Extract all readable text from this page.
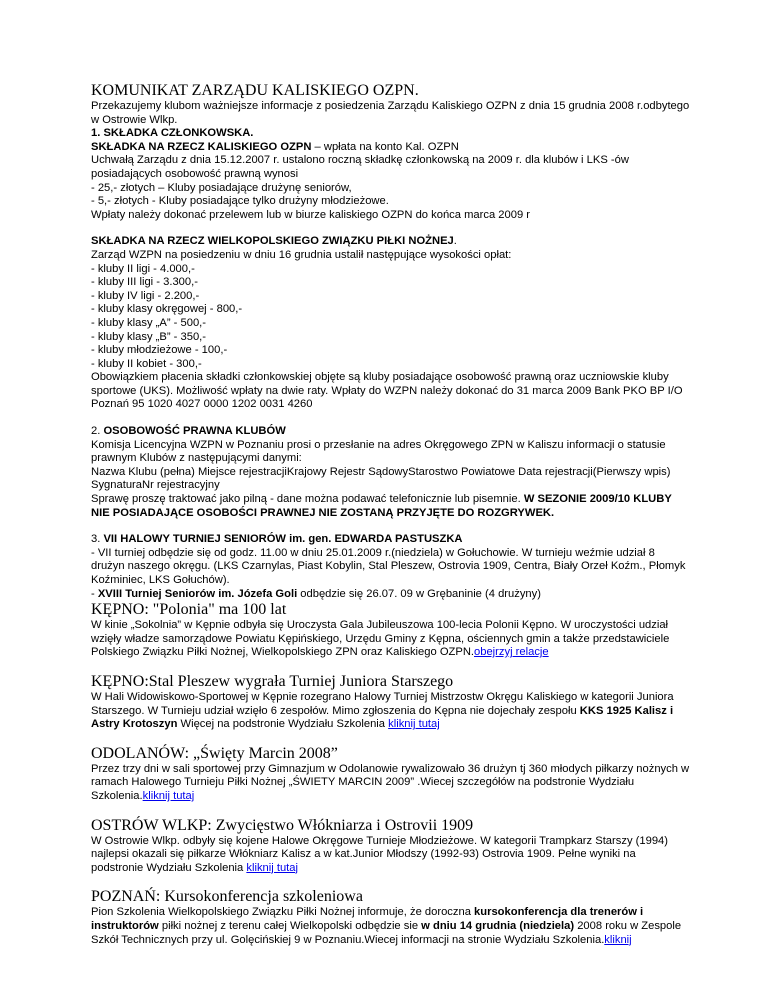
KOMUNIKAT ZARZĄDU KALISKIEGO OZPN.

Przekazujemy klubom ważniejsze informacje z posiedzenia Zarządu Kaliskiego OZPN z dnia 15 grudnia 2008 r.odbytego w Ostrowie Wlkp.

1. SKŁADKA CZŁONKOWSKA.

SKŁADKA NA RZECZ KALISKIEGO OZPN – wpłata na konto Kal. OZPN

Uchwałą Zarządu z dnia 15.12.2007 r. ustalono roczną składkę członkowską na 2009 r. dla klubów i LKS -ów posiadających osobowość prawną wynosi

- 25,- złotych – Kluby posiadające drużynę seniorów,

- 5,- złotych - Kluby posiadające tylko drużyny młodzieżowe.

Wpłaty należy dokonać przelewem lub w biurze kaliskiego OZPN do końca marca 2009 r

SKŁADKA NA RZECZ WIELKOPOLSKIEGO ZWIĄZKU PIŁKI NOŻNEJ.

Zarząd WZPN na posiedzeniu w dniu 16 grudnia ustalił następujące wysokości opłat:

- kluby II ligi - 4.000,-

- kluby III ligi - 3.300,-

- kluby IV ligi - 2.200,-

- kluby klasy okręgowej - 800,-

- kluby klasy „A” - 500,-

- kluby klasy „B” - 350,-

- kluby młodzieżowe - 100,-

- kluby II kobiet - 300,-

Obowiązkiem płacenia składki członkowskiej objęte są kluby posiadające osobowość prawną oraz uczniowskie kluby sportowe (UKS). Możliwość wpłaty na dwie raty. Wpłaty do WZPN należy dokonać do 31 marca 2009 Bank PKO BP I/O Poznań 95 1020 4027 0000 1202 0031 4260

2. OSOBOWOŚĆ PRAWNA KLUBÓW

Komisja Licencyjna WZPN w Poznaniu prosi o przesłanie na adres Okręgowego ZPN w Kaliszu informacji o statusie prawnym Klubów z następującymi danymi:

Nazwa Klubu (pełna) Miejsce rejestracjiKrajowy Rejestr SądowyStarostwo Powiatowe Data rejestracji(Pierwszy wpis) SygnaturaNr rejestracyjny

Sprawę proszę traktować jako pilną - dane można podawać telefonicznie lub pisemnie. W SEZONIE 2009/10 KLUBY NIE POSIADAJĄCE OSOBOŚCI PRAWNEJ NIE ZOSTANĄ PRZYJĘTE DO ROZGRYWEK.

3. VII HALOWY TURNIEJ SENIORÓW im. gen. EDWARDA PASTUSZKA

- VII turniej odbędzie się od godz. 11.00 w dniu 25.01.2009 r.(niedziela) w Gołuchowie. W turnieju weźmie udział 8 drużyn naszego okręgu. (LKS Czarnylas, Piast Kobylin, Stal Pleszew, Ostrovia 1909, Centra, Biały Orzeł Koźm., Płomyk Koźminiec, LKS Gołuchów).

- XVIII Turniej Seniorów im. Józefa Goli odbędzie się 26.07. 09 w Grębaninie (4 drużyny)

KĘPNO: "Polonia" ma 100 lat

W kinie „Sokolnia” w Kępnie odbyła się Uroczysta Gala Jubileuszowa 100-lecia Polonii Kępno. W uroczystości udział wzięły władze samorządowe Powiatu Kępińskiego, Urzędu Gminy z Kępna, ościennych gmin a także przedstawiciele Polskiego Związku Piłki Nożnej, Wielkopolskiego ZPN oraz Kaliskiego OZPN.obejrzyj relacje

KĘPNO:Stal Pleszew wygrała Turniej Juniora Starszego

W Hali Widowiskowo-Sportowej w Kępnie rozegrano Halowy Turniej Mistrzostw Okręgu Kaliskiego w kategorii Juniora Starszego. W Turnieju udział wzięło 6 zespołów. Mimo zgłoszenia do Kępna nie dojechały zespołu KKS 1925 Kalisz i Astry Krotoszyn Więcej na podstronie Wydziału Szkolenia kliknij tutaj

ODOLANÓW: „Święty Marcin 2008”

Przez trzy dni w sali sportowej przy Gimnazjum w Odolanowie rywalizowało 36 drużyn tj 360 młodych piłkarzy nożnych w ramach Halowego Turnieju Piłki Nożnej „ŚWIETY MARCIN 2009” .Wiecej szczegółów na podstronie Wydziału Szkolenia.kliknij tutaj

OSTRÓW WLKP: Zwycięstwo Włókniarza i Ostrovii 1909

W Ostrowie Wlkp. odbyły się kojene Halowe Okręgowe Turnieje Młodzieżowe. W kategorii Trampkarz Starszy (1994) najlepsi okazali się piłkarze Włókniarz Kalisz a w kat.Junior Młodszy (1992-93) Ostrovia 1909. Pełne wyniki na podstronie Wydziału Szkolenia kliknij tutaj

POZNAŃ: Kursokonferencja szkoleniowa

Pion Szkolenia Wielkopolskiego Związku Piłki Nożnej informuje, że doroczna kursokonferencja dla trenerów i instruktorów piłki nożnej z terenu całej Wielkopolski odbędzie sie w dniu 14 grudnia (niedziela) 2008 roku w Zespole Szkół Technicznych przy ul. Golęcińskiej 9 w Poznaniu.Wiecej informacji na stronie Wydziału Szkolenia.kliknij
